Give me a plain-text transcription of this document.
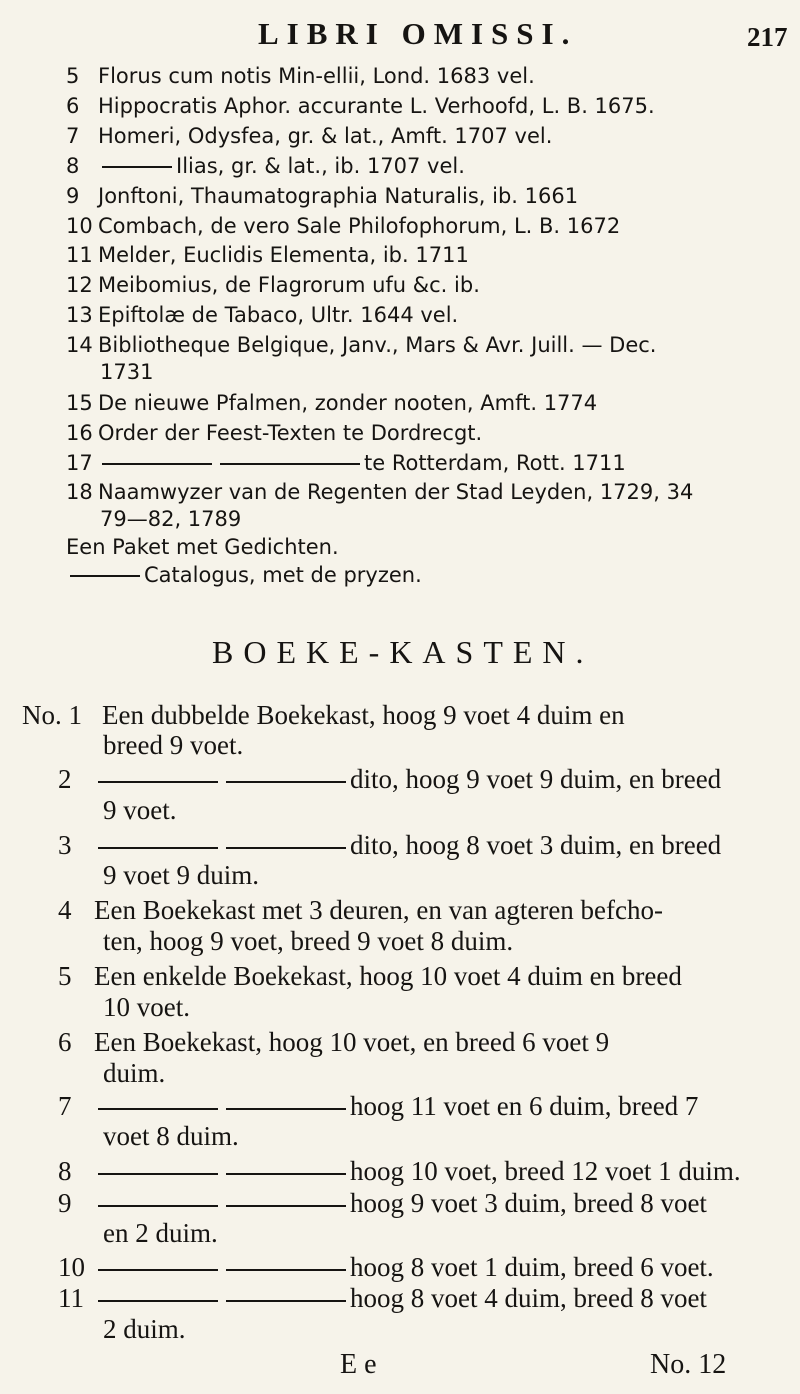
LIBRI OMISSI.	217
5 Florus cum notis Min-ellii, Lond. 1683 vel.
6 Hippocratis Aphor. accurante L. Verhoofd, L. B. 1675.
7 Homeri, Odysfea, gr. & lat., Amft. 1707 vel.
8	Ilias, gr. & lat., ib. 1707 vel.
9 Jonftoni, Thaumatographia Naturalis, ib. 1661
10 Combach, de vero Sale Philofophorum, L. B. 1672
11 Melder, Euclidis Elementa, ib. 1711
12 Meibomius, de Flagrorum ufu &c. ib.
13 Epiftolæ de Tabaco, Ultr. 1644 vel.
14 Bibliotheque Belgique, Janv., Mars & Avr. Juill. — Dec.
1731
15 De nieuwe Pfalmen, zonder nooten, Amft. 1774
16 Order der Feest-Texten te Dordrecgt.
17	te Rotterdam, Rott. 1711
18 Naamwyzer van de Regenten der Stad Leyden, 1729, 34
79—82, 1789
Een Paket met Gedichten.
Catalogus, met de pryzen.
BOEKE-KASTEN.
No. 1 Een dubbelde Boekekast, hoog 9 voet 4 duim en
breed 9 voet.
2	dito, hoog 9 voet 9 duim, en breed
9 voet.
3	dito, hoog 8 voet 3 duim, en breed
9 voet 9 duim.
4 Een Boekekast met 3 deuren, en van agteren befcho-
ten, hoog 9 voet, breed 9 voet 8 duim.
5 Een enkelde Boekekast, hoog 10 voet 4 duim en breed
10 voet.
6 Een Boekekast, hoog 10 voet, en breed 6 voet 9
duim.
7	hoog 11 voet en 6 duim, breed 7
voet 8 duim.
8	hoog 10 voet, breed 12 voet 1 duim.
9	hoog 9 voet 3 duim, breed 8 voet
en 2 duim.
10	hoog 8 voet 1 duim, breed 6 voet.
11	hoog 8 voet 4 duim, breed 8 voet
2 duim.
E e	No. 12
